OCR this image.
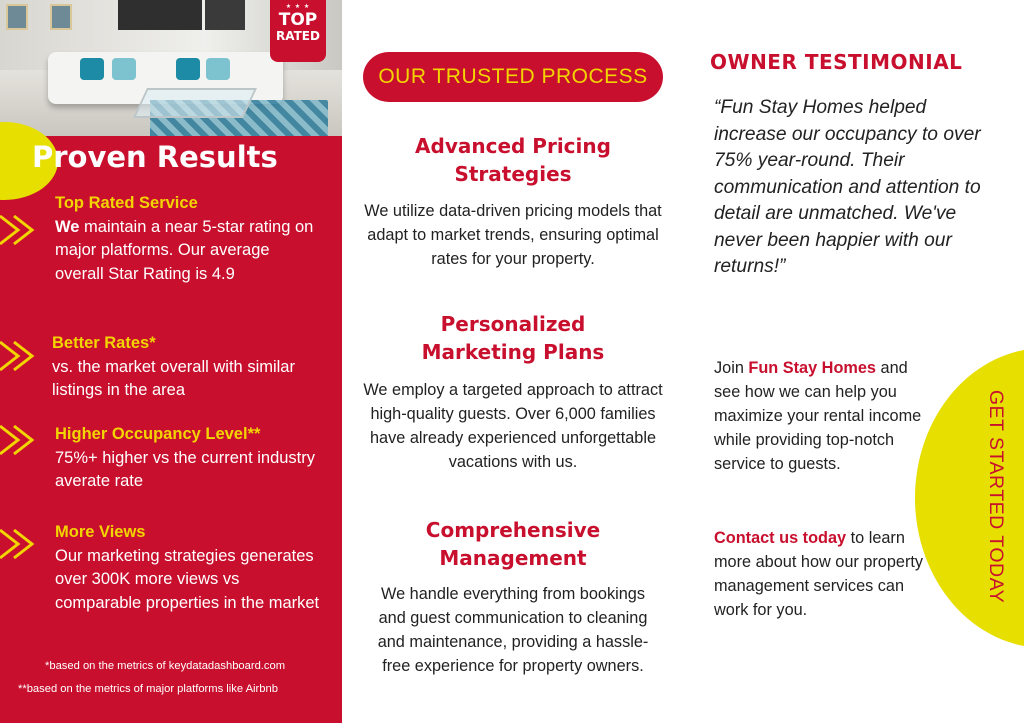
★ ★ ★
TOP
RATED
Proven Results
Top Rated Service
We maintain a near 5-star rating on major platforms. Our average overall Star Rating is 4.9
Better Rates*
vs. the market overall with similar listings in the area
Higher Occupancy Level**
75%+ higher vs the current industry averate rate
More Views
Our marketing strategies generates over 300K more views vs comparable properties in the market
*based on the metrics of keydatadashboard.com
**based on the metrics of major platforms like Airbnb
OUR TRUSTED PROCESS
Advanced Pricing Strategies
We utilize data-driven pricing models that adapt to market trends, ensuring optimal rates for your property.
Personalized Marketing Plans
We employ a targeted approach to attract high-quality guests. Over 6,000 families have already experienced unforgettable vacations with us.
Comprehensive Management
We handle everything from bookings and guest communication to cleaning and maintenance, providing a hassle-free experience for property owners.
OWNER TESTIMONIAL
“Fun Stay Homes helped increase our occupancy to over 75% year-round. Their communication and attention to detail are unmatched. We've never been happier with our returns!”
Join Fun Stay Homes and see how we can help you maximize your rental income while providing top-notch service to guests.
Contact us today to learn more about how our property management services can work for you.
GET STARTED TODAY
